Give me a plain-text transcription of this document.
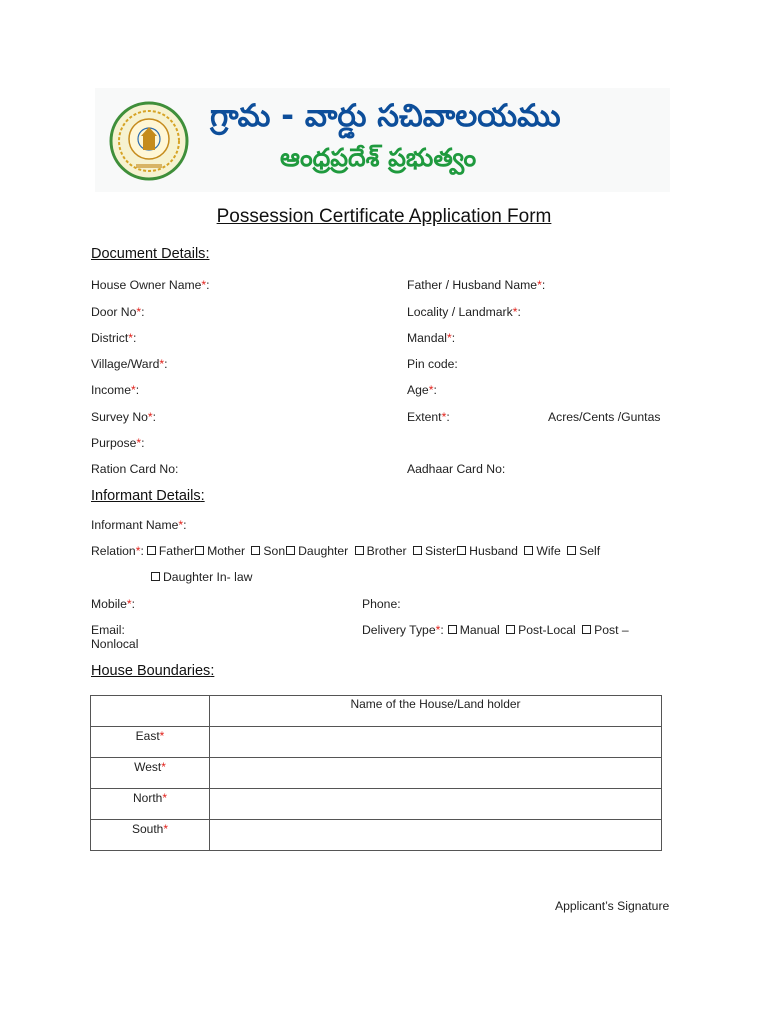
గ్రామ - వార్డు సచివాలయము
ఆంధ్రప్రదేశ్ ప్రభుత్వం
Possession Certificate Application Form
Document Details:
House Owner Name*:	Father / Husband Name*:
Door No*:	Locality / Landmark*:
District*:	Mandal*:
Village/Ward*:	Pin code:
Income*:	Age*:
Survey No*:	Extent*:	Acres/Cents /Guntas
Purpose*:
Ration Card No:	Aadhaar Card No:
Informant Details:
Informant Name*:
Relation*: Father Mother Son Daughter Brother Sister Husband Wife Self
Daughter In- law
Mobile*:	Phone:
Email:	Delivery Type*: Manual Post-Local Post –
Nonlocal
House Boundaries:
	Name of the House/Land holder
East*	
West*	
North*	
South*	
Applicant’s Signature
